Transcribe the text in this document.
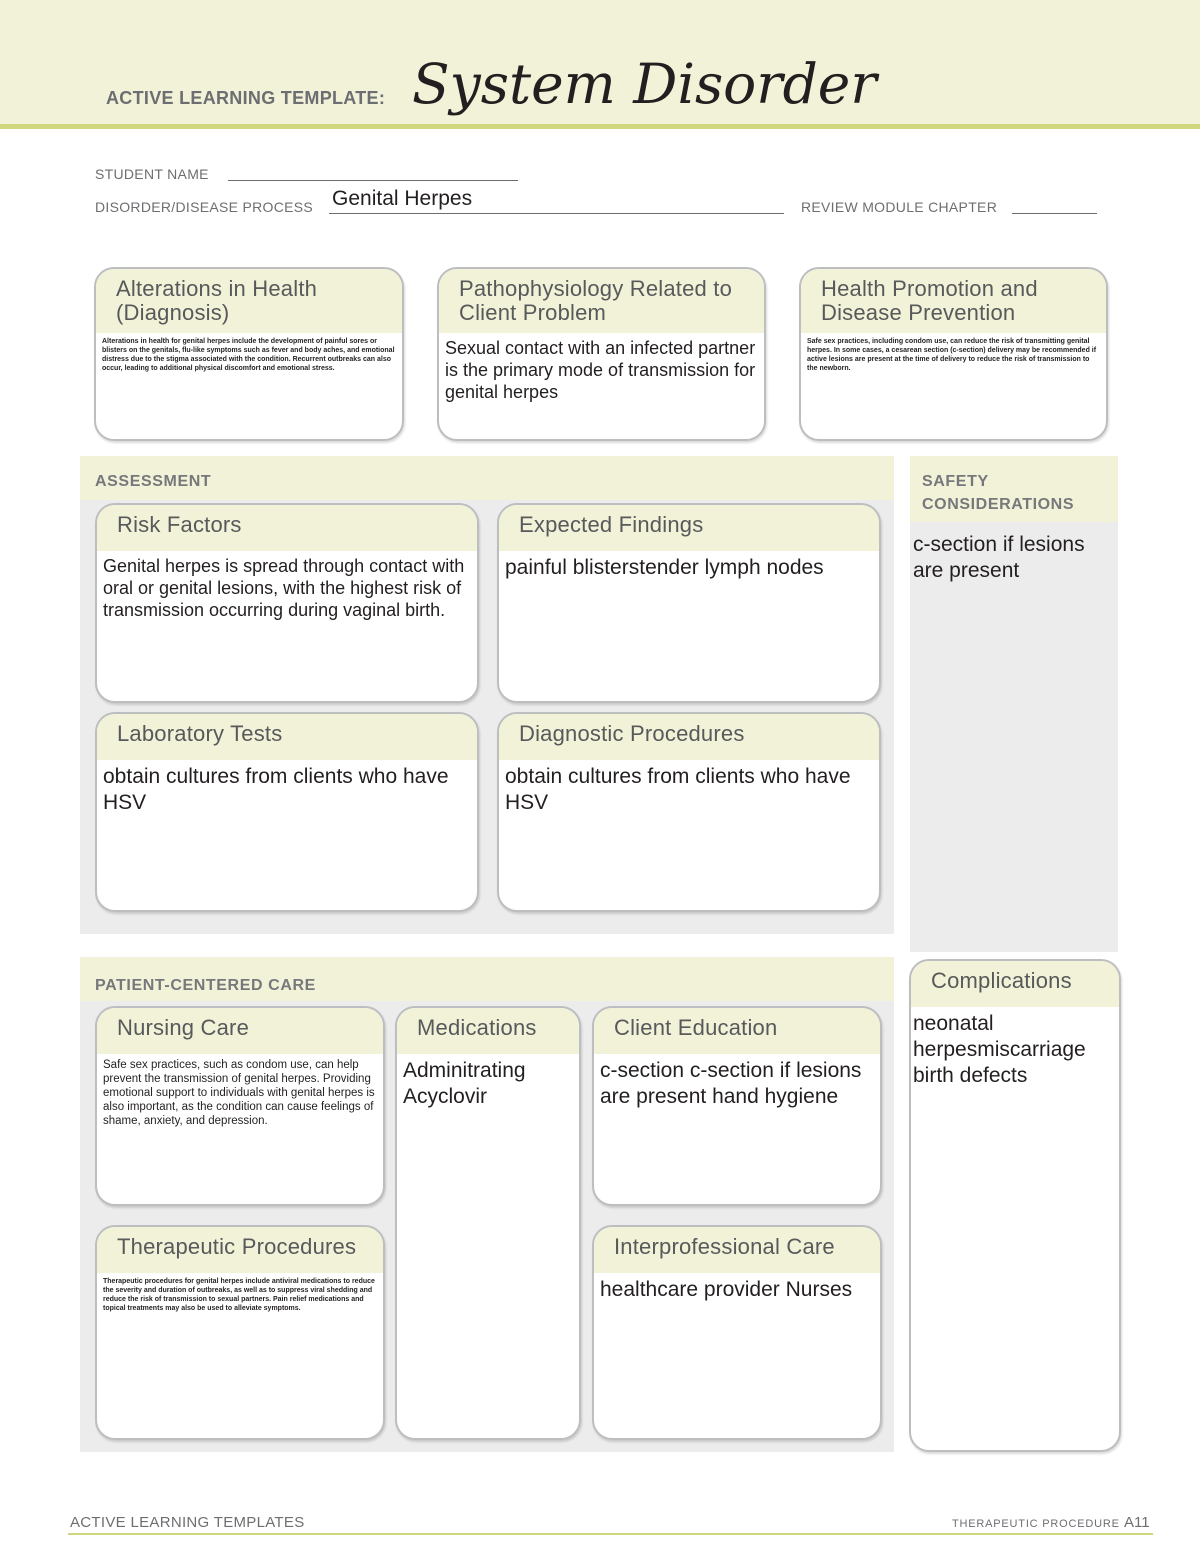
ACTIVE LEARNING TEMPLATE: System Disorder
STUDENT NAME
DISORDER/DISEASE PROCESS Genital Herpes	REVIEW MODULE CHAPTER
Alterations in Health (Diagnosis)
Alterations in health for genital herpes include the development of painful sores or blisters on the genitals, flu-like symptoms such as fever and body aches, and emotional distress due to the stigma associated with the condition. Recurrent outbreaks can also occur, leading to additional physical discomfort and emotional stress.
Pathophysiology Related to Client Problem
Sexual contact with an infected partner is the primary mode of transmission for genital herpes
Health Promotion and Disease Prevention
Safe sex practices, including condom use, can reduce the risk of transmitting genital herpes. In some cases, a cesarean section (c-section) delivery may be recommended if active lesions are present at the time of delivery to reduce the risk of transmission to the newborn.
ASSESSMENT
Risk Factors
Genital herpes is spread through contact with oral or genital lesions, with the highest risk of transmission occurring during vaginal birth.
Expected Findings
painful blisterstender lymph nodes
Laboratory Tests
obtain cultures from clients who have HSV
Diagnostic Procedures
obtain cultures from clients who have HSV
SAFETY CONSIDERATIONS
c-section if lesions are present
PATIENT-CENTERED CARE
Nursing Care
Safe sex practices, such as condom use, can help prevent the transmission of genital herpes. Providing emotional support to individuals with genital herpes is also important, as the condition can cause feelings of shame, anxiety, and depression.
Medications
Adminitrating Acyclovir
Client Education
c-section c-section if lesions are present hand hygiene
Therapeutic Procedures
Therapeutic procedures for genital herpes include antiviral medications to reduce the severity and duration of outbreaks, as well as to suppress viral shedding and reduce the risk of transmission to sexual partners. Pain relief medications and topical treatments may also be used to alleviate symptoms.
Interprofessional Care
healthcare provider Nurses
Complications
neonatal herpesmiscarriage birth defects
ACTIVE LEARNING TEMPLATES	THERAPEUTIC PROCEDURE A11
